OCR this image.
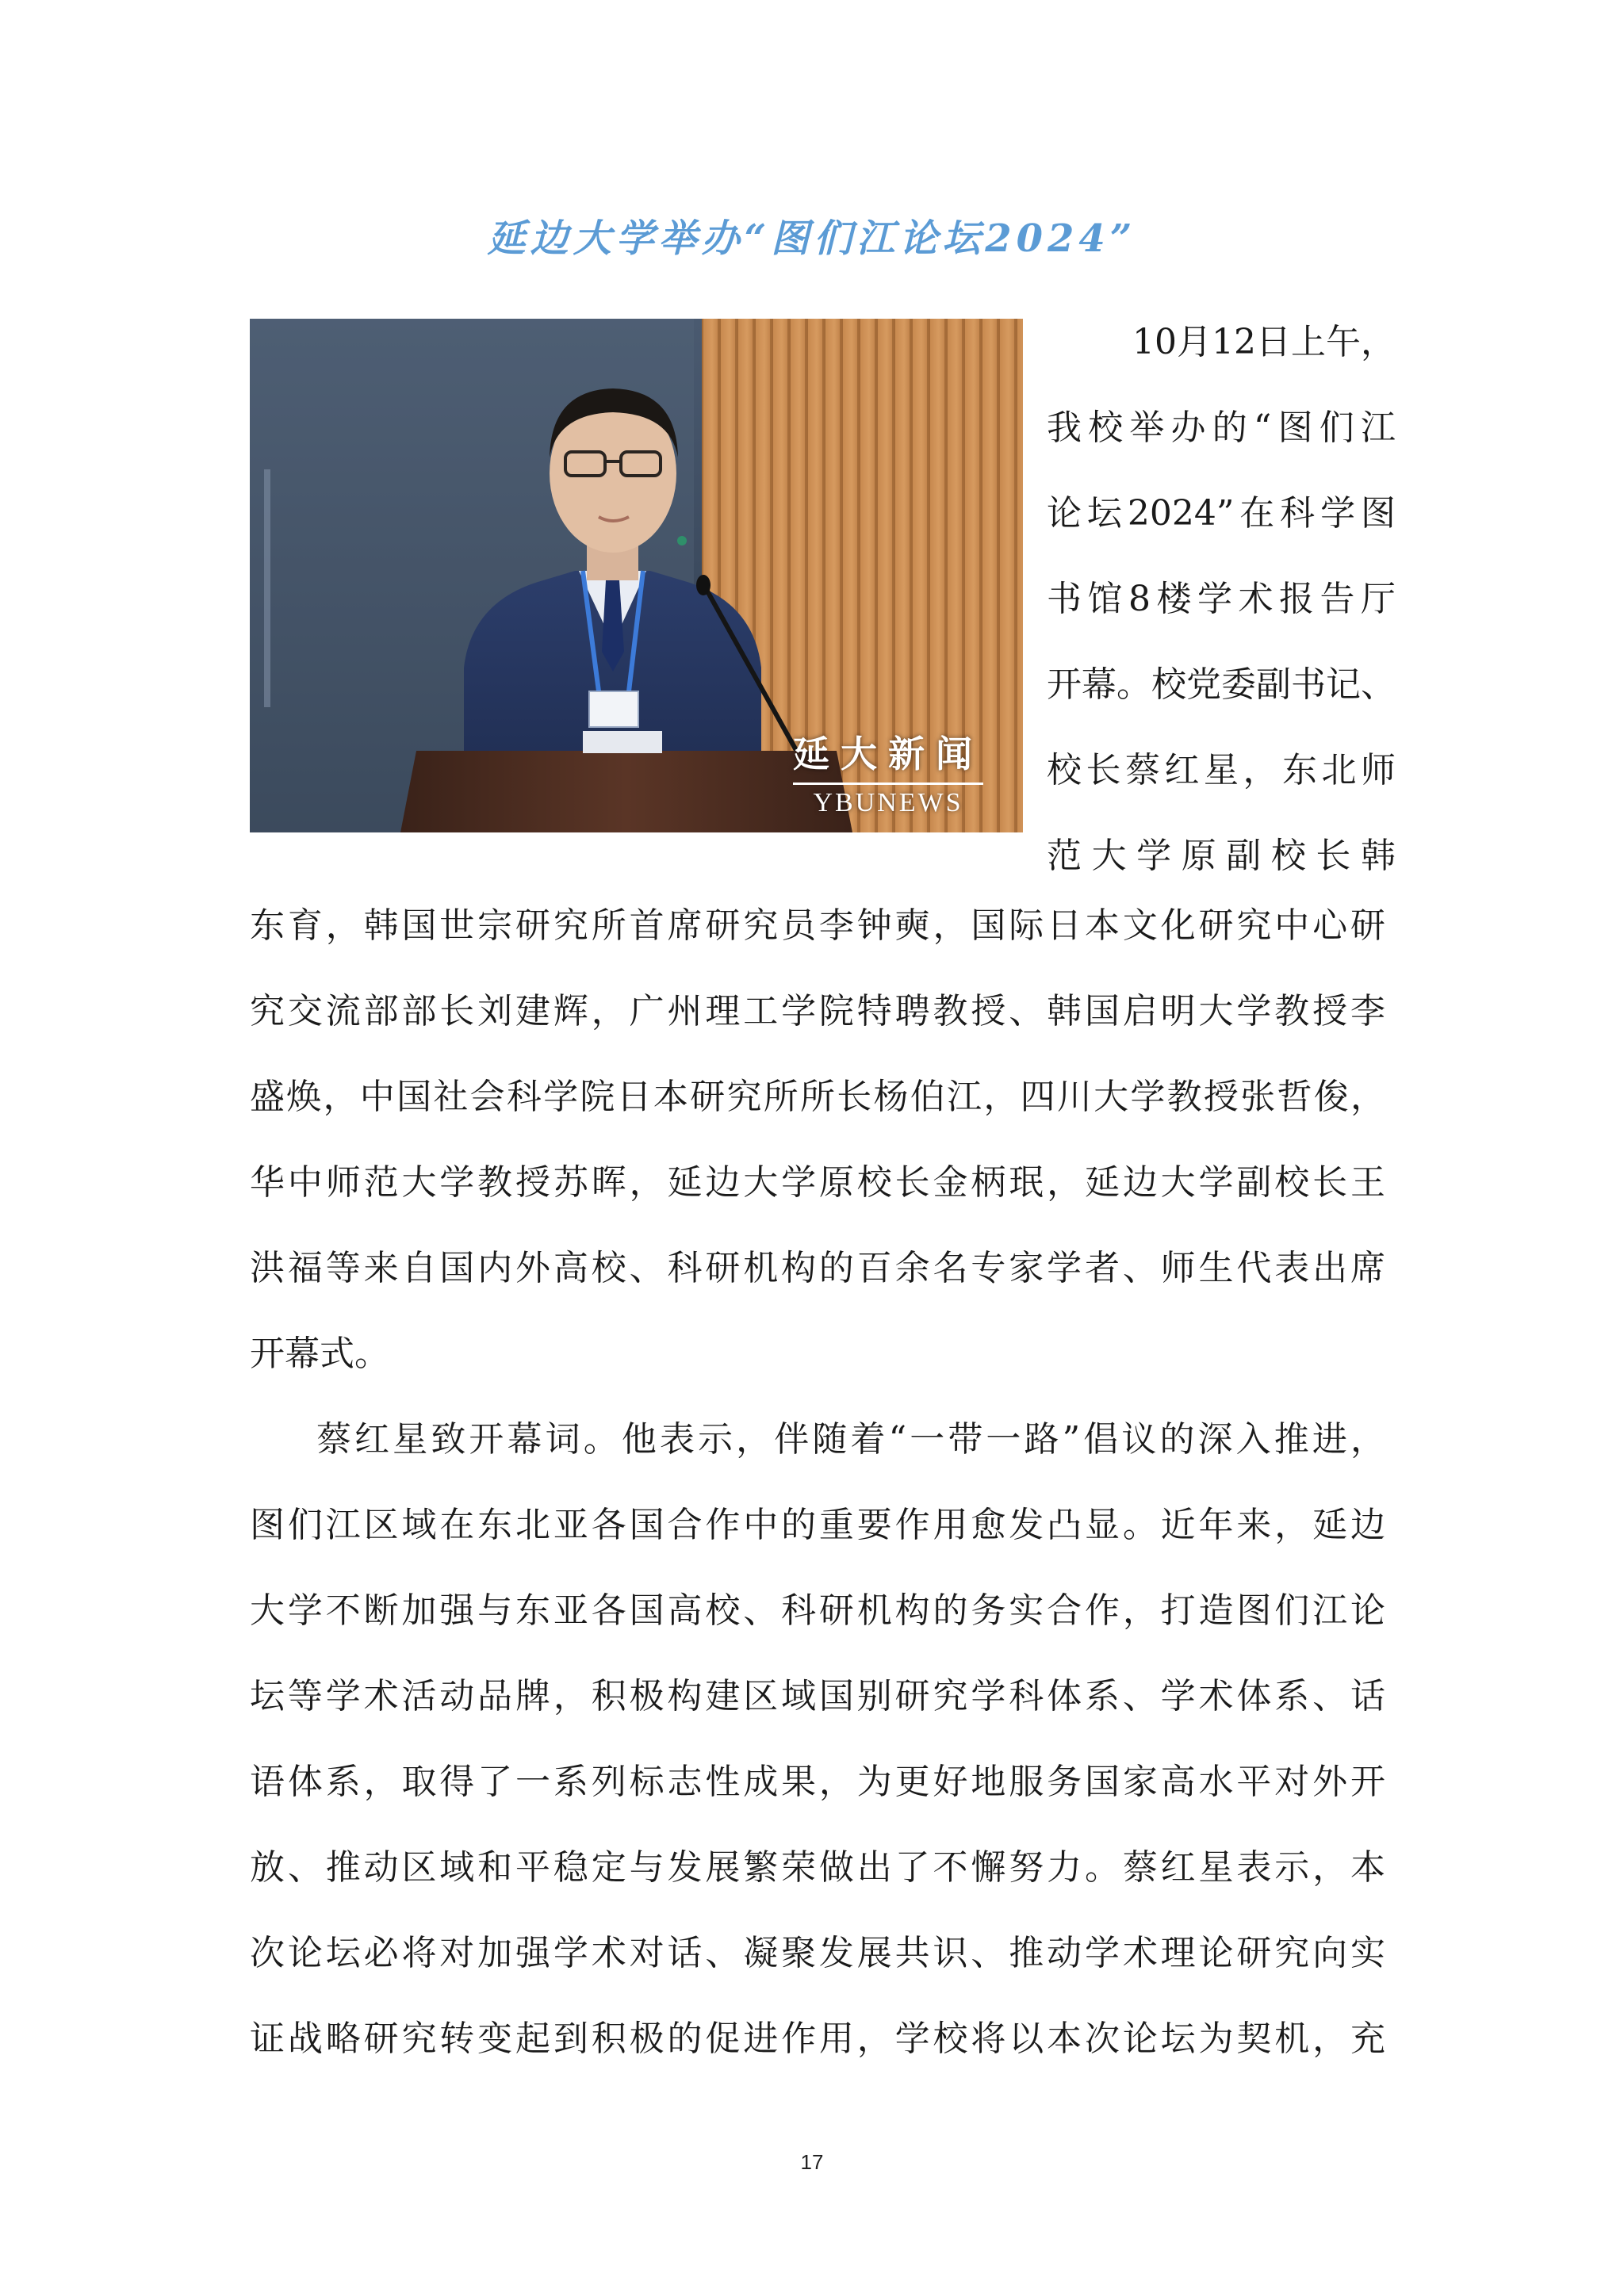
延边大学举办“图们江论坛2024”
延大新闻
YBUNEWS
10月12日上午，
我校举办的“图们江
论坛2024”在科学图
书馆8楼学术报告厅
开幕。校党委副书记、
校长蔡红星，东北师
范大学原副校长韩
东育，韩国世宗研究所首席研究员李钟奭，国际日本文化研究中心研
究交流部部长刘建辉，广州理工学院特聘教授、韩国启明大学教授李
盛焕，中国社会科学院日本研究所所长杨伯江，四川大学教授张哲俊，
华中师范大学教授苏晖，延边大学原校长金柄珉，延边大学副校长王
洪福等来自国内外高校、科研机构的百余名专家学者、师生代表出席
开幕式。
蔡红星致开幕词。他表示，伴随着“一带一路”倡议的深入推进，
图们江区域在东北亚各国合作中的重要作用愈发凸显。近年来，延边
大学不断加强与东亚各国高校、科研机构的务实合作，打造图们江论
坛等学术活动品牌，积极构建区域国别研究学科体系、学术体系、话
语体系，取得了一系列标志性成果，为更好地服务国家高水平对外开
放、推动区域和平稳定与发展繁荣做出了不懈努力。蔡红星表示，本
次论坛必将对加强学术对话、凝聚发展共识、推动学术理论研究向实
证战略研究转变起到积极的促进作用，学校将以本次论坛为契机，充
17
